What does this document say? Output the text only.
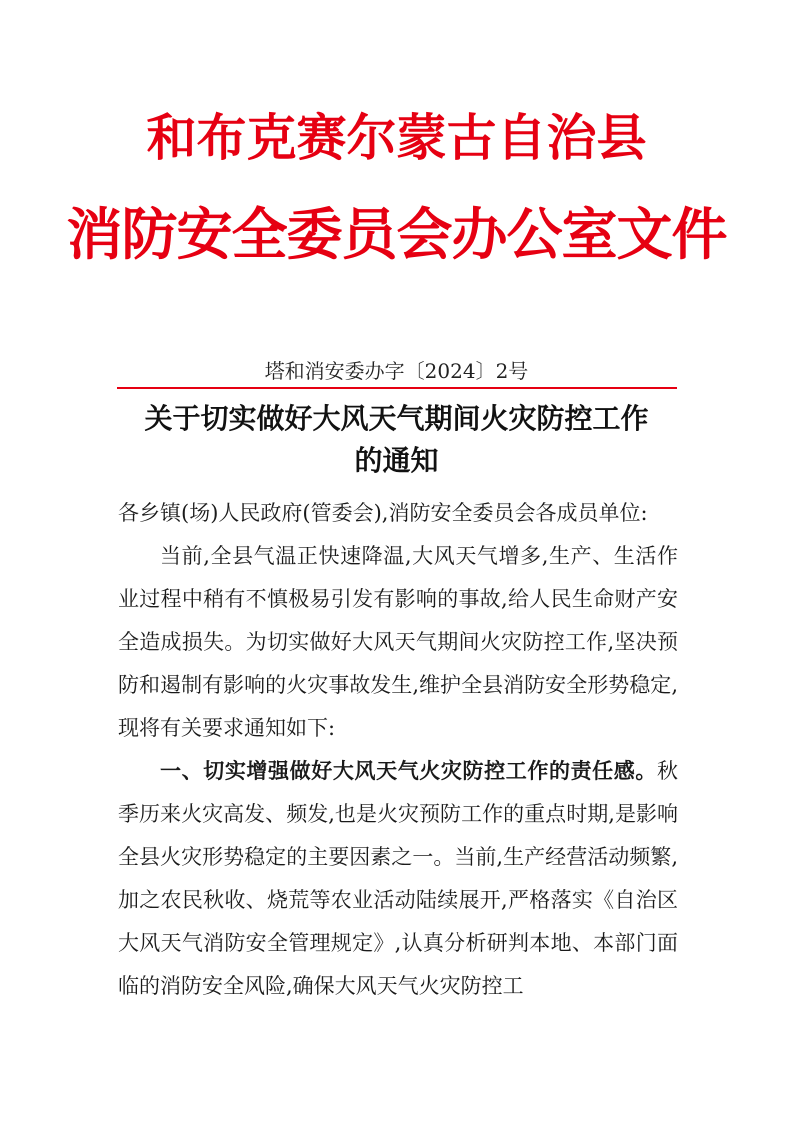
和布克赛尔蒙古自治县
消防安全委员会办公室文件
塔和消安委办字〔2024〕2号
关于切实做好大风天气期间火灾防控工作
的通知

各乡镇(场)人民政府(管委会),消防安全委员会各成员单位:

当前,全县气温正快速降温,大风天气增多,生产、生活作业过程中稍有不慎极易引发有影响的事故,给人民生命财产安全造成损失。为切实做好大风天气期间火灾防控工作,坚决预防和遏制有影响的火灾事故发生,维护全县消防安全形势稳定,现将有关要求通知如下:

一、切实增强做好大风天气火灾防控工作的责任感。秋季历来火灾高发、频发,也是火灾预防工作的重点时期,是影响全县火灾形势稳定的主要因素之一。当前,生产经营活动频繁,加之农民秋收、烧荒等农业活动陆续展开,严格落实《自治区大风天气消防安全管理规定》,认真分析研判本地、本部门面临的消防安全风险,确保大风天气火灾防控工
